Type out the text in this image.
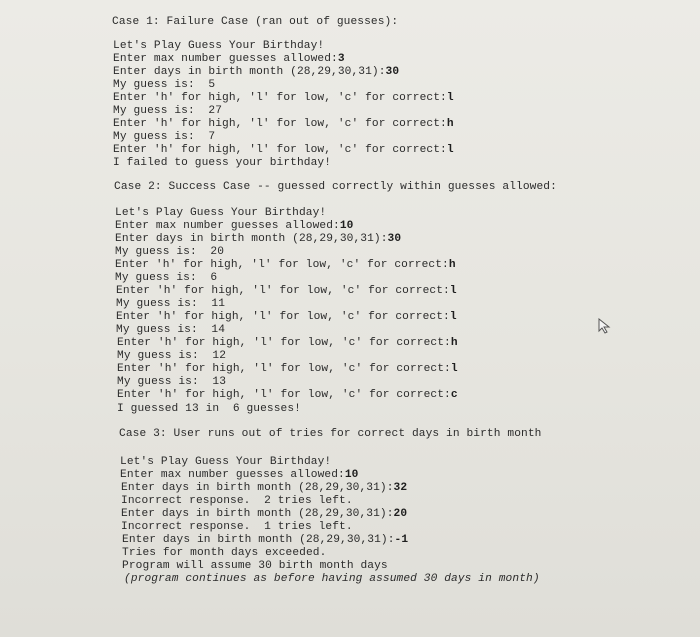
Case 1: Failure Case (ran out of guesses):
Let's Play Guess Your Birthday!
Enter max number guesses allowed:3
Enter days in birth month (28,29,30,31):30
My guess is:  5
Enter 'h' for high, 'l' for low, 'c' for correct:l
My guess is:  27
Enter 'h' for high, 'l' for low, 'c' for correct:h
My guess is:  7
Enter 'h' for high, 'l' for low, 'c' for correct:l
I failed to guess your birthday!
Case 2: Success Case -- guessed correctly within guesses allowed:
Let's Play Guess Your Birthday!
Enter max number guesses allowed:10
Enter days in birth month (28,29,30,31):30
My guess is:  20
Enter 'h' for high, 'l' for low, 'c' for correct:h
My guess is:  6
Enter 'h' for high, 'l' for low, 'c' for correct:l
My guess is:  11
Enter 'h' for high, 'l' for low, 'c' for correct:l
My guess is:  14
Enter 'h' for high, 'l' for low, 'c' for correct:h
My guess is:  12
Enter 'h' for high, 'l' for low, 'c' for correct:l
My guess is:  13
Enter 'h' for high, 'l' for low, 'c' for correct:c
I guessed 13 in  6 guesses!
Case 3: User runs out of tries for correct days in birth month
Let's Play Guess Your Birthday!
Enter max number guesses allowed:10
Enter days in birth month (28,29,30,31):32
Incorrect response.  2 tries left.
Enter days in birth month (28,29,30,31):20
Incorrect response.  1 tries left.
Enter days in birth month (28,29,30,31):-1
Tries for month days exceeded.
Program will assume 30 birth month days
(program continues as before having assumed 30 days in month)
